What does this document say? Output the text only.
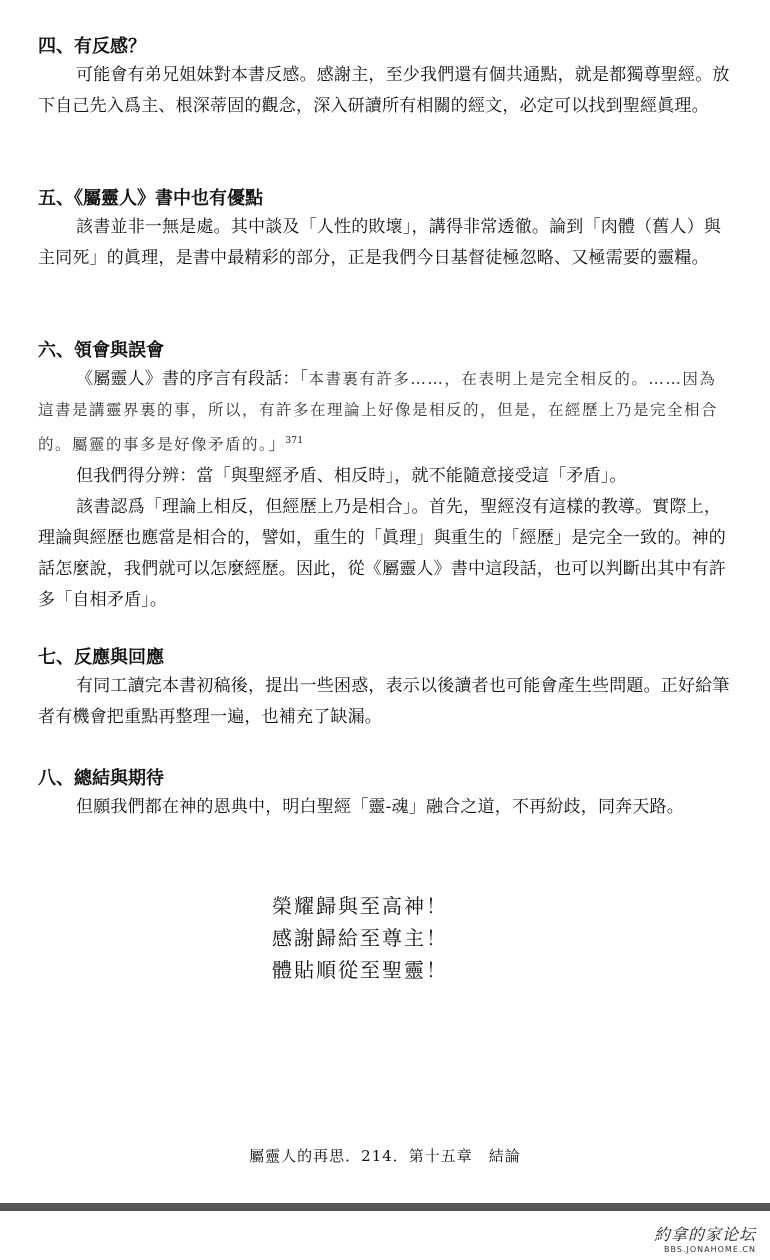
四、有反感？

可能會有弟兄姐妹對本書反感。感謝主，至少我們還有個共通點，就是都獨尊聖經。放下自己先入爲主、根深蒂固的觀念，深入研讀所有相關的經文，必定可以找到聖經眞理。

五、《屬靈人》書中也有優點

該書並非一無是處。其中談及「人性的敗壞」，講得非常透徹。論到「肉體（舊人）與主同死」的眞理，是書中最精彩的部分，正是我們今日基督徒極忽略、又極需要的靈糧。

六、領會與誤會

《屬靈人》書的序言有段話：「本書裏有許多……，在表明上是完全相反的。……因為這書是講靈界裏的事，所以，有許多在理論上好像是相反的，但是，在經歷上乃是完全相合的。屬靈的事多是好像矛盾的。」$^{371}$

但我們得分辨：當「與聖經矛盾、相反時」，就不能隨意接受這「矛盾」。

該書認爲「理論上相反，但經歷上乃是相合」。首先，聖經沒有這樣的教導。實際上，理論與經歷也應當是相合的，譬如，重生的「眞理」與重生的「經歷」是完全一致的。神的話怎麼說，我們就可以怎麼經歷。因此，從《屬靈人》書中這段話，也可以判斷出其中有許多「自相矛盾」。

七、反應與回應

有同工讀完本書初稿後，提出一些困惑，表示以後讀者也可能會產生些問題。正好給筆者有機會把重點再整理一遍，也補充了缺漏。

八、總結與期待

但願我們都在神的恩典中，明白聖經「靈-魂」融合之道，不再紛歧，同奔天路。

榮耀歸與至高神！
感謝歸給至尊主！
體貼順從至聖靈！
屬靈人的再思．214．第十五章　結論
約拿的家论坛
BBS.JONAHOME.CN
